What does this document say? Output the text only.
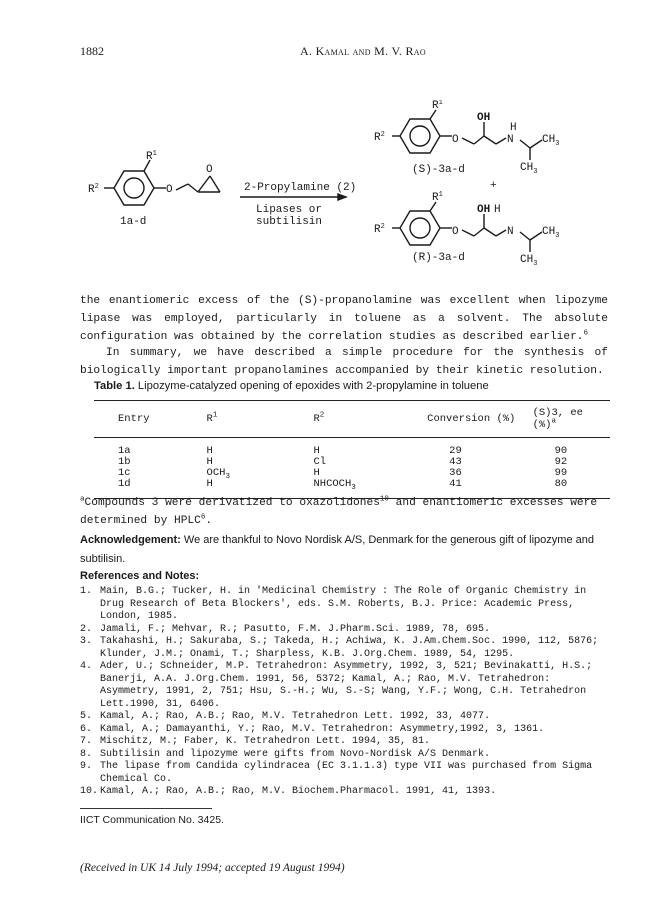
1882	A. Kamal and M. V. Rao
$R^1$
$R^2$	O
O
1a-d
2-Propylamine (2)
Lipases or
subtilisin
$R^1$
$R^2$	O
OH
H
N	$CH_3$
$CH_3$
(S)-3a-d
+
$R^1$
$R^2$	O
OH H
N	$CH_3$
$CH_3$
(R)-3a-d
the enantiomeric excess of the (S)-propanolamine was excellent when lipozyme lipase was employed, particularly in toluene as a solvent. The absolute configuration was obtained by the correlation studies as described earlier.$^6$
In summary, we have described a simple procedure for the synthesis of biologically important propanolamines accompanied by their kinetic resolution.
Table 1. Lipozyme-catalyzed opening of epoxides with 2-propylamine in toluene
Entry	$R^1$	$R^2$	Conversion (%)	(S)3, ee (%)$^a$
1a	H	H	29	90
1b	H	Cl	43	92
1c	$OCH_3$	H	36	99
1d	H	$NHCOCH_3$	41	80
$^a$Compounds 3 were derivatized to oxazolidones$^{10}$ and enantiomeric excesses were determined by HPLC$^6$.
Acknowledgement: We are thankful to Novo Nordisk A/S, Denmark for the generous gift of lipozyme and subtilisin.
References and Notes:
1. Main, B.G.; Tucker, H. in 'Medicinal Chemistry : The Role of Organic Chemistry in Drug Research of Beta Blockers', eds. S.M. Roberts, B.J. Price: Academic Press, London, 1985.
2. Jamali, F.; Mehvar, R.; Pasutto, F.M. J.Pharm.Sci. 1989, 78, 695.
3. Takahashi, H.; Sakuraba, S.; Takeda, H.; Achiwa, K. J.Am.Chem.Soc. 1990, 112, 5876; Klunder, J.M.; Onami, T.; Sharpless, K.B. J.Org.Chem. 1989, 54, 1295.
4. Ader, U.; Schneider, M.P. Tetrahedron: Asymmetry, 1992, 3, 521; Bevinakatti, H.S.; Banerji, A.A. J.Org.Chem. 1991, 56, 5372; Kamal, A.; Rao, M.V. Tetrahedron: Asymmetry, 1991, 2, 751; Hsu, S.-H.; Wu, S.-S; Wang, Y.F.; Wong, C.H. Tetrahedron Lett.1990, 31, 6406.
5. Kamal, A.; Rao, A.B.; Rao, M.V. Tetrahedron Lett. 1992, 33, 4077.
6. Kamal, A.; Damayanthi, Y.; Rao, M.V. Tetrahedron: Asymmetry,1992, 3, 1361.
7. Mischitz, M.; Faber, K. Tetrahedron Lett. 1994, 35, 81.
8. Subtilisin and lipozyme were gifts from Novo-Nordisk A/S Denmark.
9. The lipase from Candida cylindracea (EC 3.1.1.3) type VII was purchased from Sigma Chemical Co.
10. Kamal, A.; Rao, A.B.; Rao, M.V. Biochem.Pharmacol. 1991, 41, 1393.
IICT Communication No. 3425.
(Received in UK 14 July 1994; accepted 19 August 1994)
